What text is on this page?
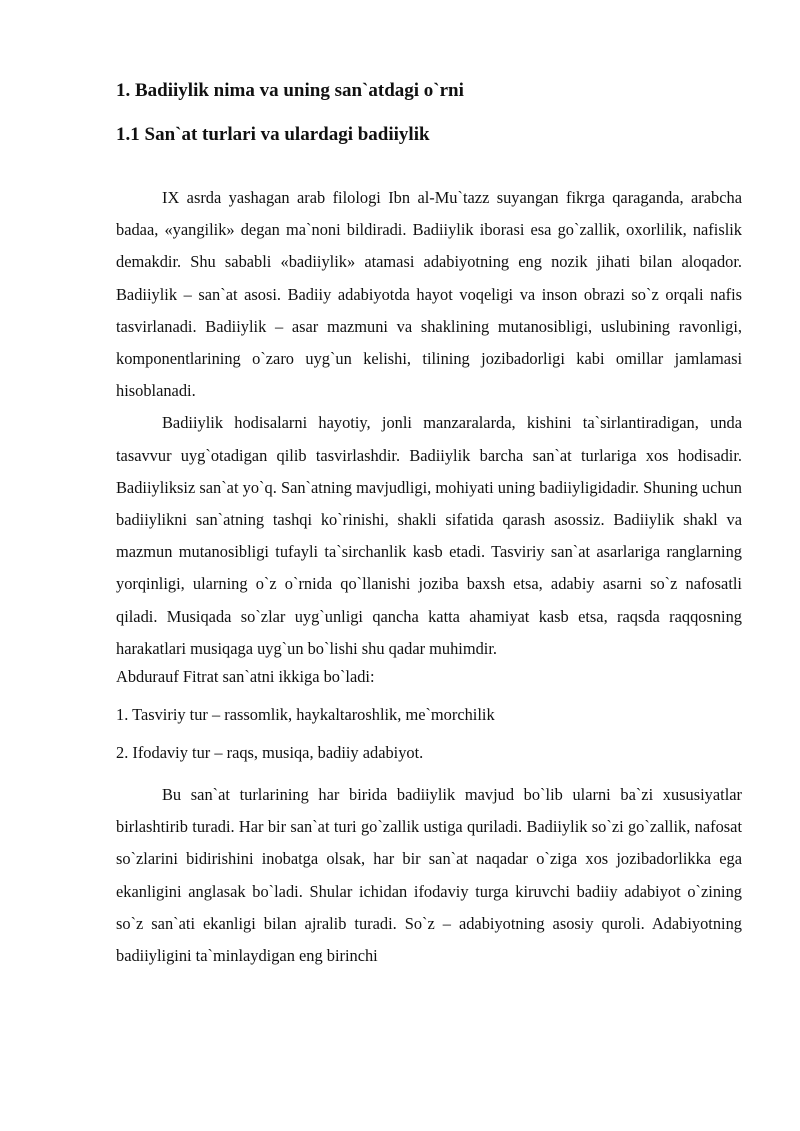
1. Badiiylik nima va uning san`atdagi o`rni

1.1 San`at turlari va ulardagi badiiylik

IX asrda yashagan arab filologi Ibn al-Mu`tazz suyangan fikrga qaraganda, arabcha badaa, «yangilik» degan ma`noni bildiradi. Badiiylik iborasi esa go`zallik, oxorlilik, nafislik demakdir. Shu sababli «badiiylik» atamasi adabiyotning eng nozik jihati bilan aloqador. Badiiylik – san`at asosi. Badiiy adabiyotda hayot voqeligi va inson obrazi so`z orqali nafis tasvirlanadi. Badiiylik – asar mazmuni va shaklining mutanosibligi, uslubining ravonligi, komponentlarining o`zaro uyg`un kelishi, tilining jozibadorligi kabi omillar jamlamasi hisoblanadi.

Badiiylik hodisalarni hayotiy, jonli manzaralarda, kishini ta`sirlantiradigan, unda tasavvur uyg`otadigan qilib tasvirlashdir. Badiiylik barcha san`at turlariga xos hodisadir. Badiiyliksiz san`at yo`q. San`atning mavjudligi, mohiyati uning badiiyligidadir. Shuning uchun badiiylikni san`atning tashqi ko`rinishi, shakli sifatida qarash asossiz. Badiiylik shakl va mazmun mutanosibligi tufayli ta`sirchanlik kasb etadi. Tasviriy san`at asarlariga ranglarning yorqinligi, ularning o`z o`rnida qo`llanishi joziba baxsh etsa, adabiy asarni so`z nafosatli qiladi. Musiqada so`zlar uyg`unligi qancha katta ahamiyat kasb etsa, raqsda raqqosning harakatlari musiqaga uyg`un bo`lishi shu qadar muhimdir.

Abdurauf Fitrat san`atni ikkiga bo`ladi:

1. Tasviriy tur – rassomlik, haykaltaroshlik, me`morchilik

2. Ifodaviy tur – raqs, musiqa, badiiy adabiyot.

Bu san`at turlarining har birida badiiylik mavjud bo`lib ularni ba`zi xususiyatlar birlashtirib turadi. Har bir san`at turi go`zallik ustiga quriladi. Badiiylik so`zi go`zallik, nafosat so`zlarini bidirishini inobatga olsak, har bir san`at naqadar o`ziga xos jozibadorlikka ega ekanligini anglasak bo`ladi. Shular ichidan ifodaviy turga kiruvchi badiiy adabiyot o`zining so`z san`ati ekanligi bilan ajralib turadi. So`z – adabiyotning asosiy quroli. Adabiyotning badiiyligini ta`minlaydigan eng birinchi
